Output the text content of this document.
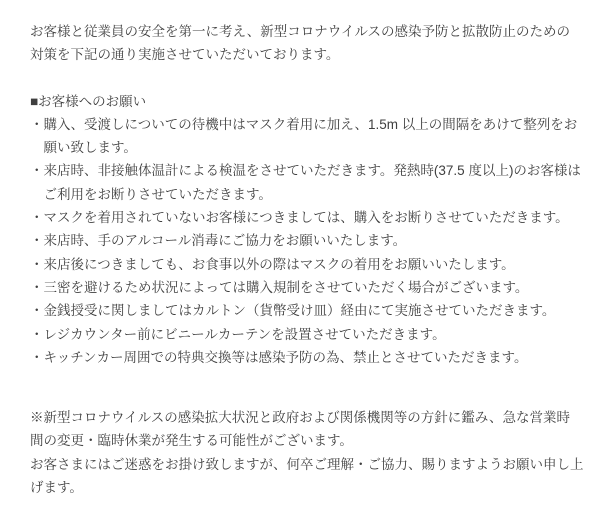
お客様と従業員の安全を第一に考え、新型コロナウイルスの感染予防と拡散防止のための
対策を下記の通り実施させていただいております。

■お客様へのお願い
・購入、受渡しについての待機中はマスク着用に加え、1.5m 以上の間隔をあけて整列をお
願い致します。
・来店時、非接触体温計による検温をさせていただきます。発熱時(37.5 度以上)のお客様は
ご利用をお断りさせていただきます。
・マスクを着用されていないお客様につきましては、購入をお断りさせていただきます。
・来店時、手のアルコール消毒にご協力をお願いいたします。
・来店後につきましても、お食事以外の際はマスクの着用をお願いいたします。
・三密を避けるため状況によっては購入規制をさせていただく場合がございます。
・金銭授受に関しましてはカルトン（貨幣受け皿）経由にて実施させていただきます。
・レジカウンター前にビニールカーテンを設置させていただきます。
・キッチンカー周囲での特典交換等は感染予防の為、禁止とさせていただきます。

※新型コロナウイルスの感染拡大状況と政府および関係機関等の方針に鑑み、急な営業時
間の変更・臨時休業が発生する可能性がございます。
お客さまにはご迷惑をお掛け致しますが、何卒ご理解・ご協力、賜りますようお願い申し上
げます。
